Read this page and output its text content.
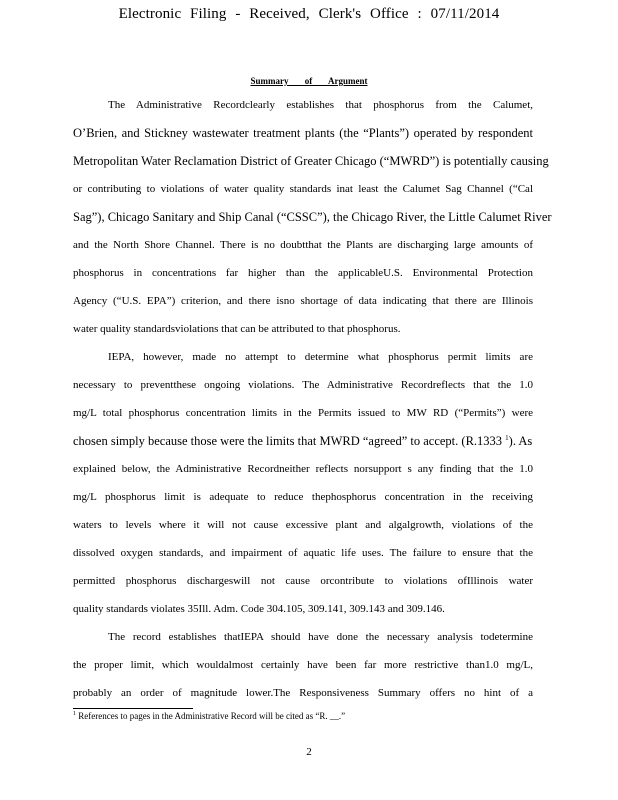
Electronic Filing - Received, Clerk's Office : 07/11/2014
Summary of Argument
The Administrative Recordclearly establishes that phosphorus from the Calumet,
O’Brien, and Stickney wastewater treatment plants (the “Plants”) operated by respondent
Metropolitan Water Reclamation District of Greater Chicago (“MWRD”) is potentially causing
or contributing to violations of water quality standards inat least the Calumet Sag Channel (“Cal
Sag”), Chicago Sanitary and Ship Canal (“CSSC”), the Chicago River, the Little Calumet River
and the North Shore Channel. There is no doubtthat the Plants are discharging large amounts of
phosphorus in concentrations far higher than the applicableU.S. Environmental Protection
Agency (“U.S. EPA”) criterion, and there isno shortage of data indicating that there are Illinois
water quality standardsviolations that can be attributed to that phosphorus.
IEPA, however, made no attempt to determine what phosphorus permit limits are
necessary to preventthese ongoing violations. The Administrative Recordreflects that the 1.0
mg/L total phosphorus concentration limits in the Permits issued to MW RD (“Permits”) were
chosen simply because those were the limits that MWRD “agreed” to accept. (R.1333 $^1$). As
explained below, the Administrative Recordneither reflects norsupport s any finding that the 1.0
mg/L phosphorus limit is adequate to reduce thephosphorus concentration in the receiving
waters to levels where it will not cause excessive plant and algalgrowth, violations of the
dissolved oxygen standards, and impairment of aquatic life uses. The failure to ensure that the
permitted phosphorus dischargeswill not cause orcontribute to violations ofIllinois water
quality standards violates 35Ill. Adm. Code 304.105, 309.141, 309.143 and 309.146.
The record establishes thatIEPA should have done the necessary analysis todetermine
the proper limit, which wouldalmost certainly have been far more restrictive than1.0 mg/L,
probably an order of magnitude lower.The Responsiveness Summary offers no hint of a
$^1$ References to pages in the Administrative Record will be cited as “R. __.”
2
